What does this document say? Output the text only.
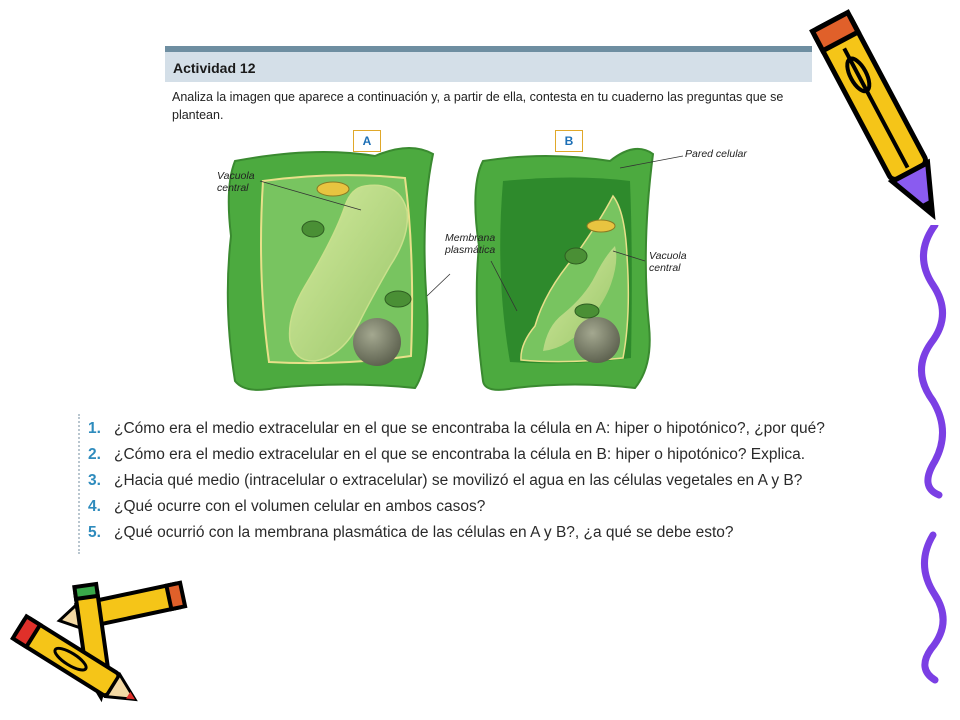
Actividad 12
Analiza la imagen que aparece a continuación y, a partir de ella, contesta en tu cuaderno las preguntas que se plantean.
A	B
Vacuola central
Membrana plasmática
Pared celular
Vacuola central
1. ¿Cómo era el medio extracelular en el que se encontraba la célula en A: hiper o hipotónico?, ¿por qué?
2. ¿Cómo era el medio extracelular en el que se encontraba la célula en B: hiper o hipotónico? Explica.
3. ¿Hacia qué medio (intracelular o extracelular) se movilizó el agua en las células vegetales en A y B?
4. ¿Qué ocurre con el volumen celular en ambos casos?
5. ¿Qué ocurrió con la membrana plasmática de las células en A y B?, ¿a qué se debe esto?
